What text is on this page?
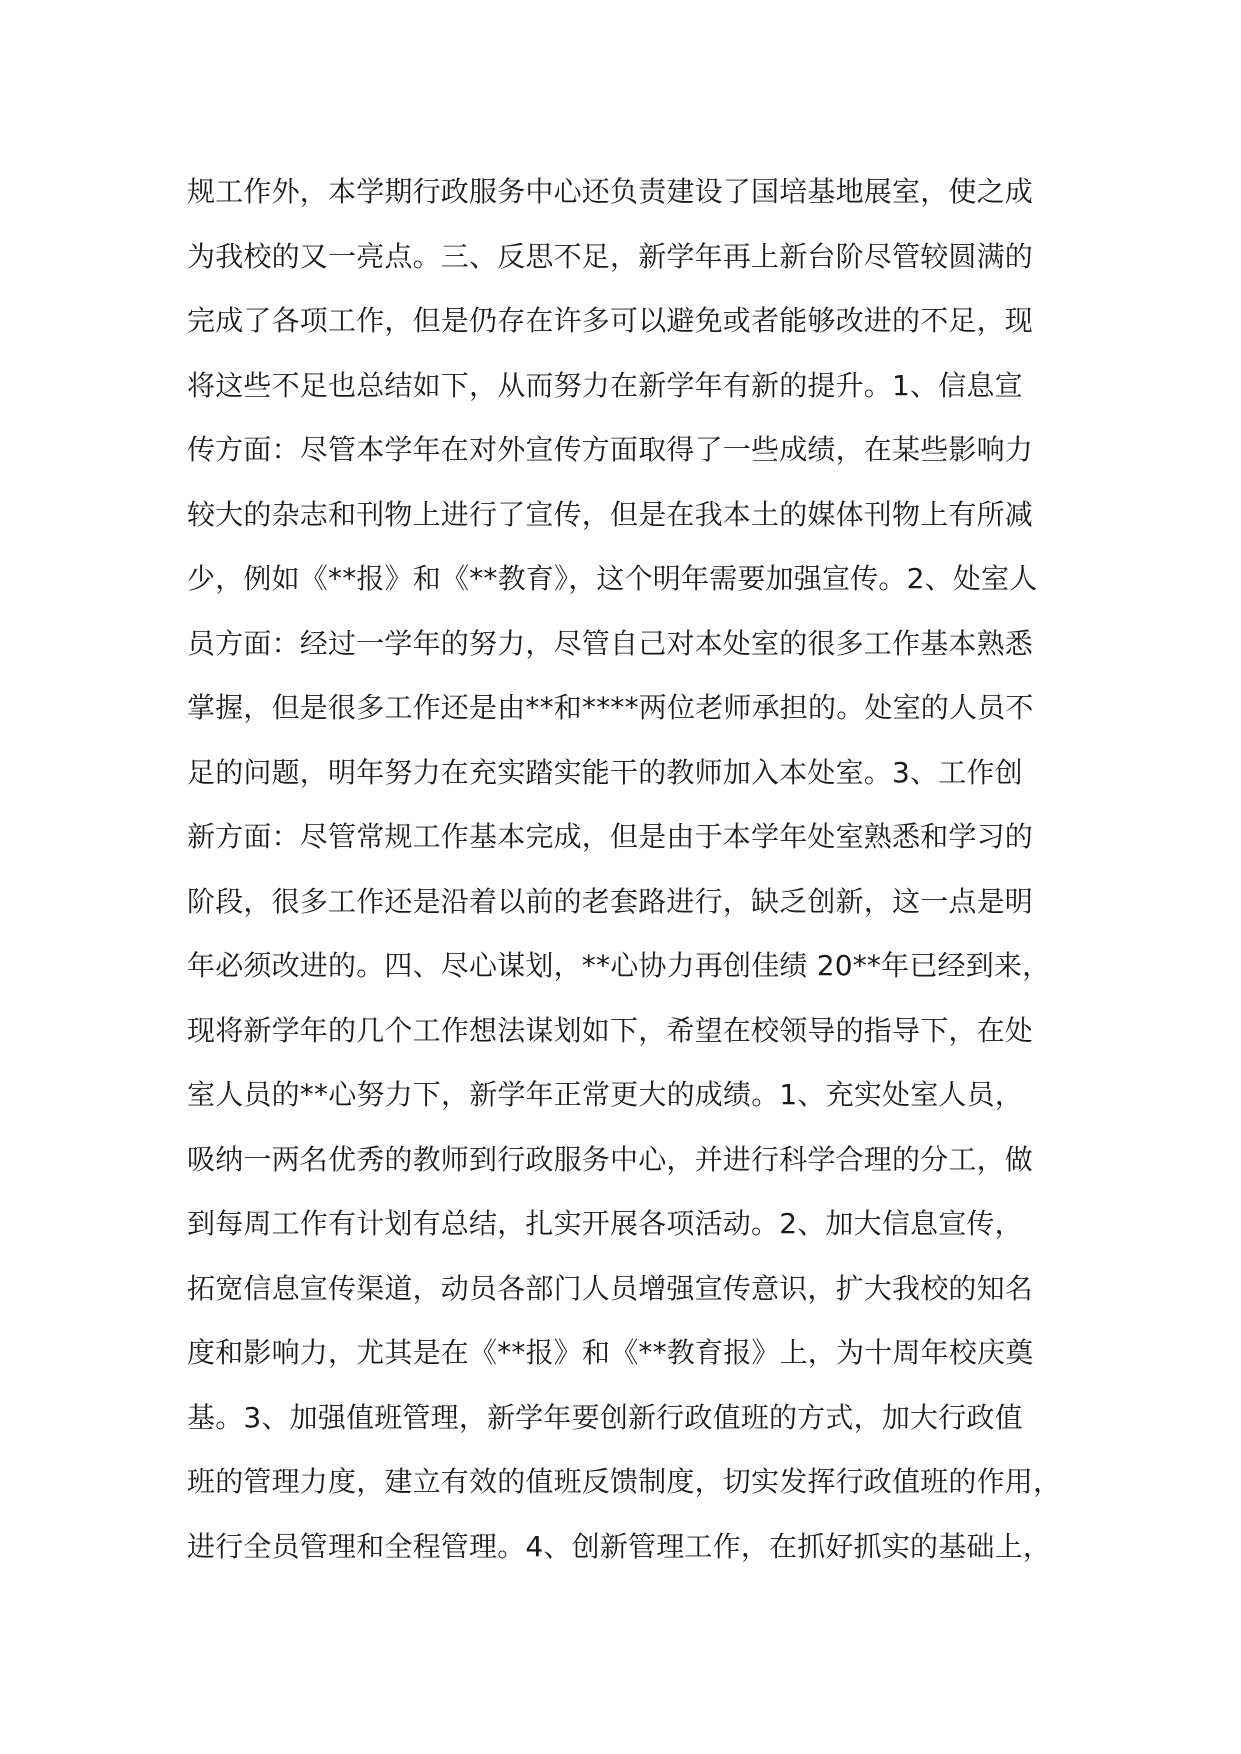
规工作外，本学期行政服务中心还负责建设了国培基地展室，使之成
为我校的又一亮点。三、反思不足，新学年再上新台阶尽管较圆满的
完成了各项工作，但是仍存在许多可以避免或者能够改进的不足，现
将这些不足也总结如下，从而努力在新学年有新的提升。1、信息宣
传方面：尽管本学年在对外宣传方面取得了一些成绩，在某些影响力
较大的杂志和刊物上进行了宣传，但是在我本土的媒体刊物上有所减
少，例如《**报》和《**教育》，这个明年需要加强宣传。2、处室人
员方面：经过一学年的努力，尽管自己对本处室的很多工作基本熟悉
掌握，但是很多工作还是由**和****两位老师承担的。处室的人员不
足的问题，明年努力在充实踏实能干的教师加入本处室。3、工作创
新方面：尽管常规工作基本完成，但是由于本学年处室熟悉和学习的
阶段，很多工作还是沿着以前的老套路进行，缺乏创新，这一点是明
年必须改进的。四、尽心谋划，**心协力再创佳绩 20**年已经到来，
现将新学年的几个工作想法谋划如下，希望在校领导的指导下，在处
室人员的**心努力下，新学年正常更大的成绩。1、充实处室人员，
吸纳一两名优秀的教师到行政服务中心，并进行科学合理的分工，做
到每周工作有计划有总结，扎实开展各项活动。2、加大信息宣传，
拓宽信息宣传渠道，动员各部门人员增强宣传意识，扩大我校的知名
度和影响力，尤其是在《**报》和《**教育报》上，为十周年校庆奠
基。3、加强值班管理，新学年要创新行政值班的方式，加大行政值
班的管理力度，建立有效的值班反馈制度，切实发挥行政值班的作用，
进行全员管理和全程管理。4、创新管理工作，在抓好抓实的基础上，
